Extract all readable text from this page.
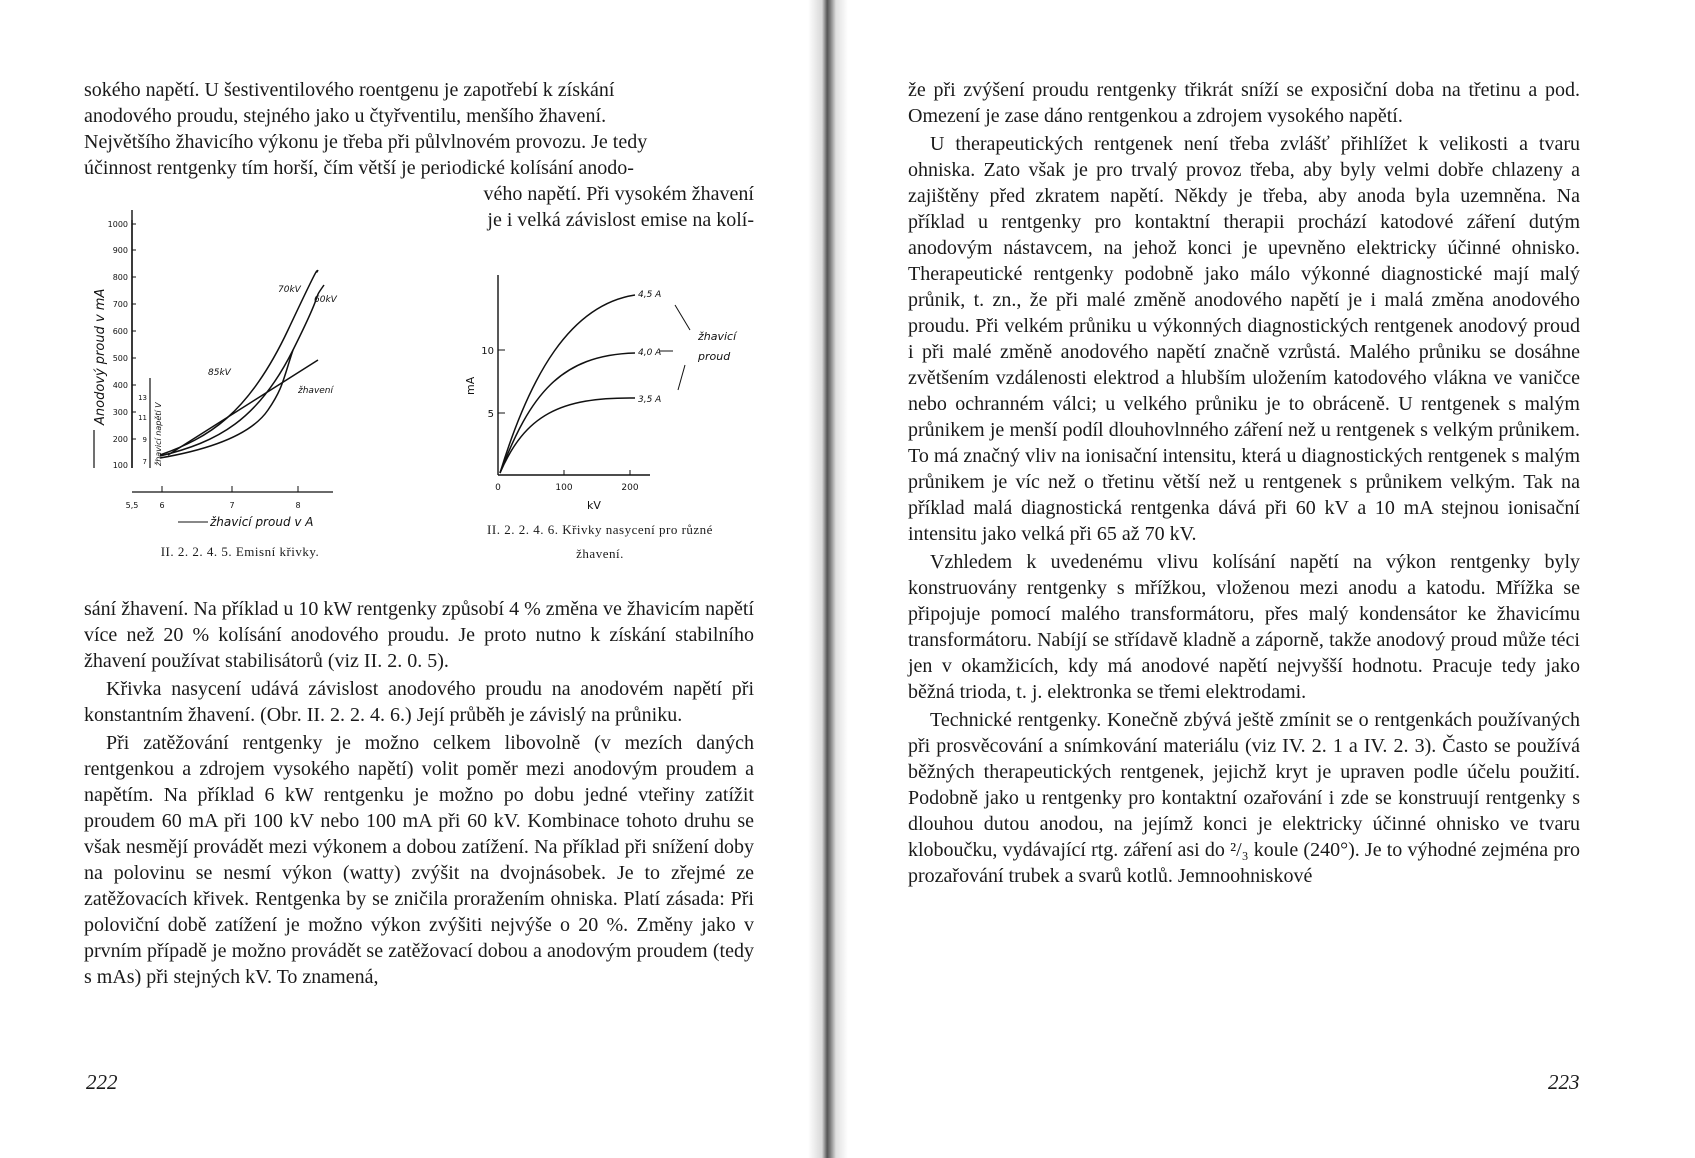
sokého napětí. U šestiventilového roentgenu je zapotřebí k získání

anodového proudu, stejného jako u čtyřventilu, menšího žhavení.

Největšího žhavicího výkonu je třeba při půlvlnovém provozu. Je tedy

účinnost rentgenky tím horší, čím větší je periodické kolísání anodo-

vého napětí. Při vysokém žhavení

je i velká závislost emise na kolí-

1000
900
800
700
600
500
400
300
200
100
Anodový proud v mA	13
11
9
7 žhavicí napětí V
5,5	6	7	8
žhavicí proud v A
70kV
60kV
85kV
žhavení
II. 2. 2. 4. 5. Emisní křivky.
10
5
mA
0	100	200
kV
4,5 A
4,0 A
3,5 A
žhavicí
proud
II. 2. 2. 4. 6. Křivky nasycení pro různé
žhavení.

sání žhavení. Na příklad u 10 kW rentgenky způsobí 4 % změna ve žhavicím napětí více než 20 % kolísání anodového proudu. Je proto nutno k získání stabilního žhavení používat stabilisátorů (viz II. 2. 0. 5).

Křivka nasycení udává závislost anodového proudu na anodovém napětí při konstantním žhavení. (Obr. II. 2. 2. 4. 6.) Její průběh je závislý na průniku.

Při zatěžování rentgenky je možno celkem libovolně (v mezích daných rentgenkou a zdrojem vysokého napětí) volit poměr mezi anodovým proudem a napětím. Na příklad 6 kW rentgenku je možno po dobu jedné vteřiny zatížit proudem 60 mA při 100 kV nebo 100 mA při 60 kV. Kombinace tohoto druhu se však nesmějí provádět mezi výkonem a dobou zatížení. Na příklad při snížení doby na polovinu se nesmí výkon (watty) zvýšit na dvojnásobek. Je to zřejmé ze zatěžovacích křivek. Rentgenka by se zničila proražením ohniska. Platí zásada: Při poloviční době zatížení je možno výkon zvýšiti nejvýše o 20 %. Změny jako v prvním případě je možno provádět se zatěžovací dobou a anodovým proudem (tedy s mAs) při stejných kV. To znamená,

222

že při zvýšení proudu rentgenky třikrát sníží se exposiční doba na třetinu a pod. Omezení je zase dáno rentgenkou a zdrojem vysokého napětí.

U therapeutických rentgenek není třeba zvlášť přihlížet k velikosti a tvaru ohniska. Zato však je pro trvalý provoz třeba, aby byly velmi dobře chlazeny a zajištěny před zkratem napětí. Někdy je třeba, aby anoda byla uzemněna. Na příklad u rentgenky pro kontaktní therapii prochází katodové záření dutým anodovým nástavcem, na jehož konci je upevněno elektricky účinné ohnisko. Therapeutické rentgenky podobně jako málo výkonné diagnostické mají malý průnik, t. zn., že při malé změně anodového napětí je i malá změna anodového proudu. Při velkém průniku u výkonných diagnostických rentgenek anodový proud i při malé změně anodového napětí značně vzrůstá. Malého průniku se dosáhne zvětšením vzdálenosti elektrod a hlubším uložením katodového vlákna ve vaničce nebo ochranném válci; u velkého průniku je to obráceně. U rentgenek s malým průnikem je menší podíl dlouhovlnného záření než u rentgenek s velkým průnikem. To má značný vliv na ionisační intensitu, která u diagnostických rentgenek s malým průnikem je víc než o třetinu větší než u rentgenek s průnikem velkým. Tak na příklad malá diagnostická rentgenka dává při 60 kV a 10 mA stejnou ionisační intensitu jako velká při 65 až 70 kV.

Vzhledem k uvedenému vlivu kolísání napětí na výkon rentgenky byly konstruovány rentgenky s mřížkou, vloženou mezi anodu a katodu. Mřížka se připojuje pomocí malého transformátoru, přes malý kondensátor ke žhavicímu transformátoru. Nabíjí se střídavě kladně a záporně, takže anodový proud může téci jen v okamžicích, kdy má anodové napětí nejvyšší hodnotu. Pracuje tedy jako běžná trioda, t. j. elektronka se třemi elektrodami.

Technické rentgenky. Konečně zbývá ještě zmínit se o rentgenkách používaných při prosvěcování a snímkování materiálu (viz IV. 2. 1 a IV. 2. 3). Často se používá běžných therapeutických rentgenek, jejichž kryt je upraven podle účelu použití. Podobně jako u rentgenky pro kontaktní ozařování i zde se konstruují rentgenky s dlouhou dutou anodou, na jejímž konci je elektricky účinné ohnisko ve tvaru kloboučku, vydávající rtg. záření asi do ²/₃ koule (240°). Je to výhodné zejména pro prozařování trubek a svarů kotlů. Jemnoohniskové

223
